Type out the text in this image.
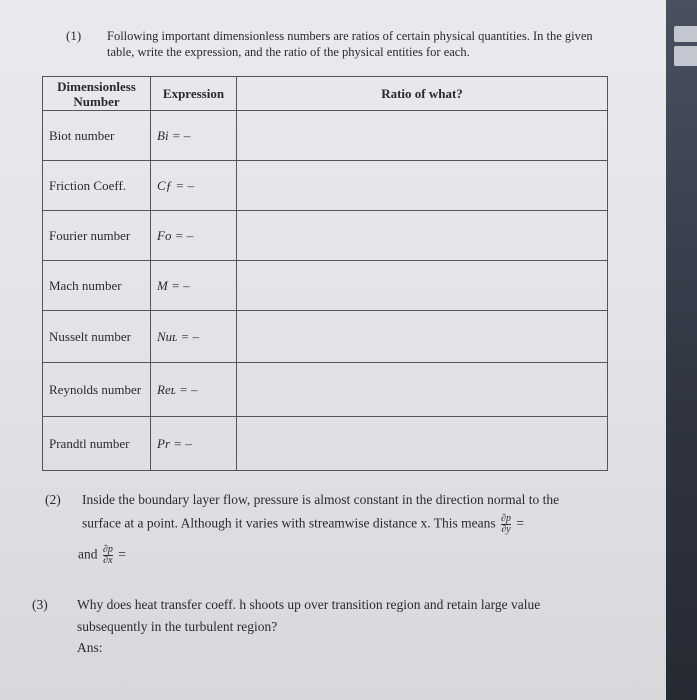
(1) Following important dimensionless numbers are ratios of certain physical quantities. In the given table, write the expression, and the ratio of the physical entities for each.
Dimensionless Number	Expression	Ratio of what?
Biot number	Bi = –	
Friction Coeff.	Cƒ = –	
Fourier number	Fo = –	
Mach number	M = –	
Nusselt number	Nuʟ = –	
Reynolds number	Reʟ = –	
Prandtl number	Pr = –	
(2) Inside the boundary layer flow, pressure is almost constant in the direction normal to the
surface at a point. Although it varies with streamwise distance x. This means $\frac{\partial p}{\partial y}$ =
and $\frac{\partial p}{\partial x}$ =
(3) Why does heat transfer coeff. h shoots up over transition region and retain large value
subsequently in the turbulent region?
Ans:
